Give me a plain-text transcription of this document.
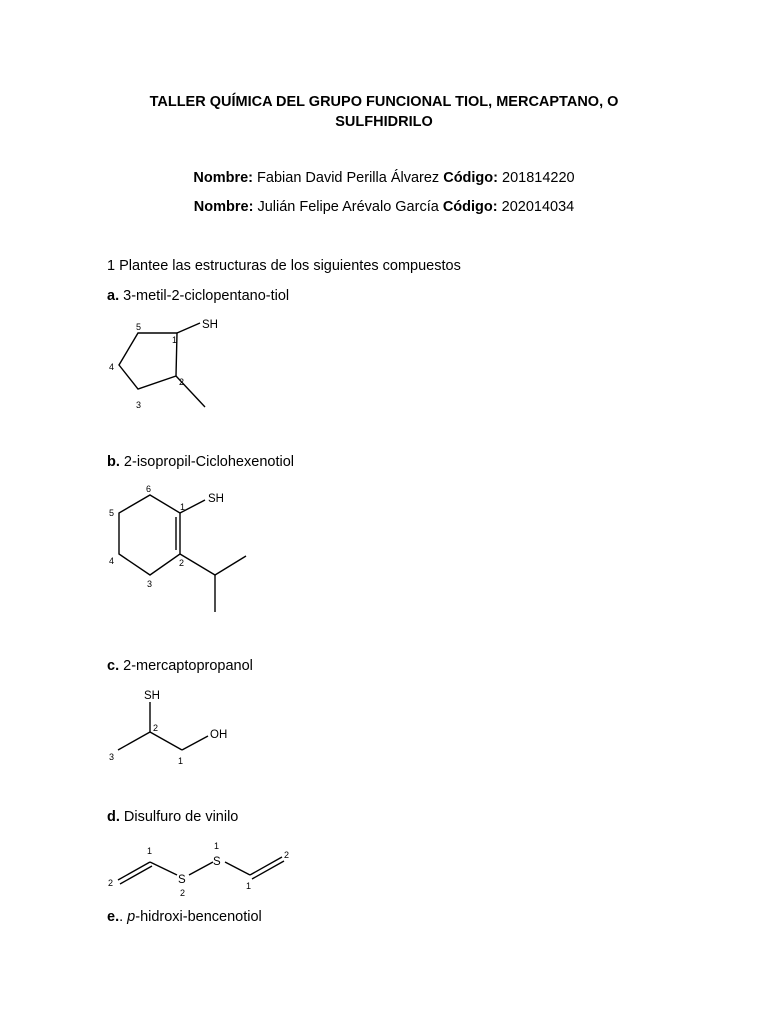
TALLER QUÍMICA DEL GRUPO FUNCIONAL TIOL, MERCAPTANO, O
SULFHIDRILO
Nombre: Fabian David Perilla Álvarez Código: 201814220
Nombre: Julián Felipe Arévalo García Código: 202014034
1 Plantee las estructuras de los siguientes compuestos
a. 3-metil-2-ciclopentano-tiol
SH
1
2
3
4
5
b. 2-isopropil-Ciclohexenotiol
SH
1
2
3
4
5
6
c. 2-mercaptopropanol
SH
OH
1
2
3
d. Disulfuro de vinilo
S
S
1
2
2
1
1
2
e.. p-hidroxi-bencenotiol
